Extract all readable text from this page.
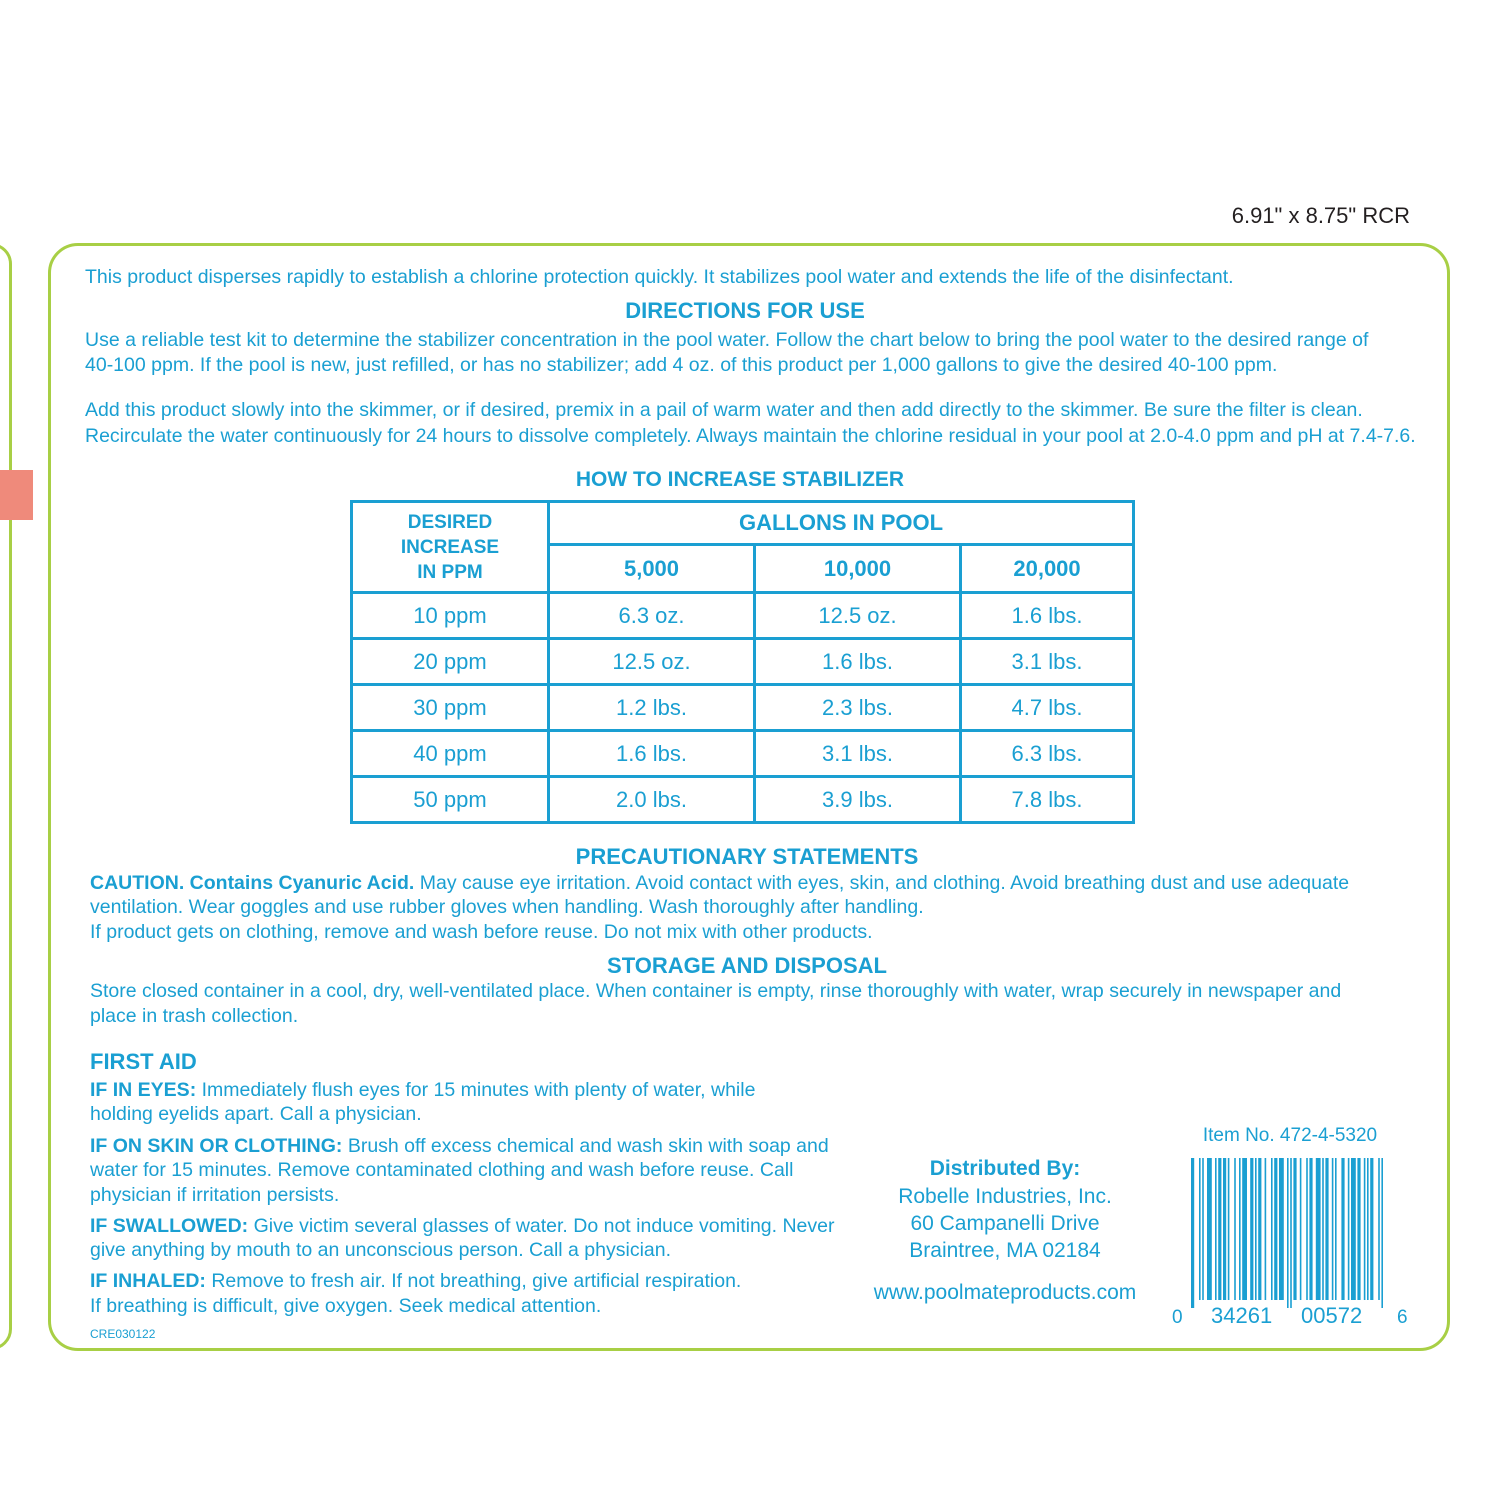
6.91" x 8.75" RCR
This product disperses rapidly to establish a chlorine protection quickly. It stabilizes pool water and extends the life of the disinfectant.
DIRECTIONS FOR USE
Use a reliable test kit to determine the stabilizer concentration in the pool water. Follow the chart below to bring the pool water to the desired range of
40-100 ppm. If the pool is new, just refilled, or has no stabilizer; add 4 oz. of this product per 1,000 gallons to give the desired 40-100 ppm.
Add this product slowly into the skimmer, or if desired, premix in a pail of warm water and then add directly to the skimmer. Be sure the filter is clean.
Recirculate the water continuously for 24 hours to dissolve completely. Always maintain the chlorine residual in your pool at 2.0-4.0 ppm and pH at 7.4-7.6.
HOW TO INCREASE STABILIZER
DESIRED
INCREASE
IN PPM	GALLONS IN POOL		
	5,000	10,000	20,000
10 ppm	6.3 oz.	12.5 oz.	1.6 lbs.
20 ppm	12.5 oz.	1.6 lbs.	3.1 lbs.
30 ppm	1.2 lbs.	2.3 lbs.	4.7 lbs.
40 ppm	1.6 lbs.	3.1 lbs.	6.3 lbs.
50 ppm	2.0 lbs.	3.9 lbs.	7.8 lbs.
PRECAUTIONARY STATEMENTS
CAUTION. Contains Cyanuric Acid. May cause eye irritation. Avoid contact with eyes, skin, and clothing. Avoid breathing dust and use adequate
ventilation. Wear goggles and use rubber gloves when handling. Wash thoroughly after handling.
If product gets on clothing, remove and wash before reuse. Do not mix with other products.
STORAGE AND DISPOSAL
Store closed container in a cool, dry, well-ventilated place. When container is empty, rinse thoroughly with water, wrap securely in newspaper and
place in trash collection.
FIRST AID
IF IN EYES: Immediately flush eyes for 15 minutes with plenty of water, while
holding eyelids apart. Call a physician.
IF ON SKIN OR CLOTHING: Brush off excess chemical and wash skin with soap and
water for 15 minutes. Remove contaminated clothing and wash before reuse. Call
physician if irritation persists.
IF SWALLOWED: Give victim several glasses of water. Do not induce vomiting. Never
give anything by mouth to an unconscious person. Call a physician.
IF INHALED: Remove to fresh air. If not breathing, give artificial respiration.
If breathing is difficult, give oxygen. Seek medical attention.
CRE030122
Distributed By:
Robelle Industries, Inc.
60 Campanelli Drive
Braintree, MA 02184
www.poolmateproducts.com
Item No. 472-4-5320
0 34261 00572 6
